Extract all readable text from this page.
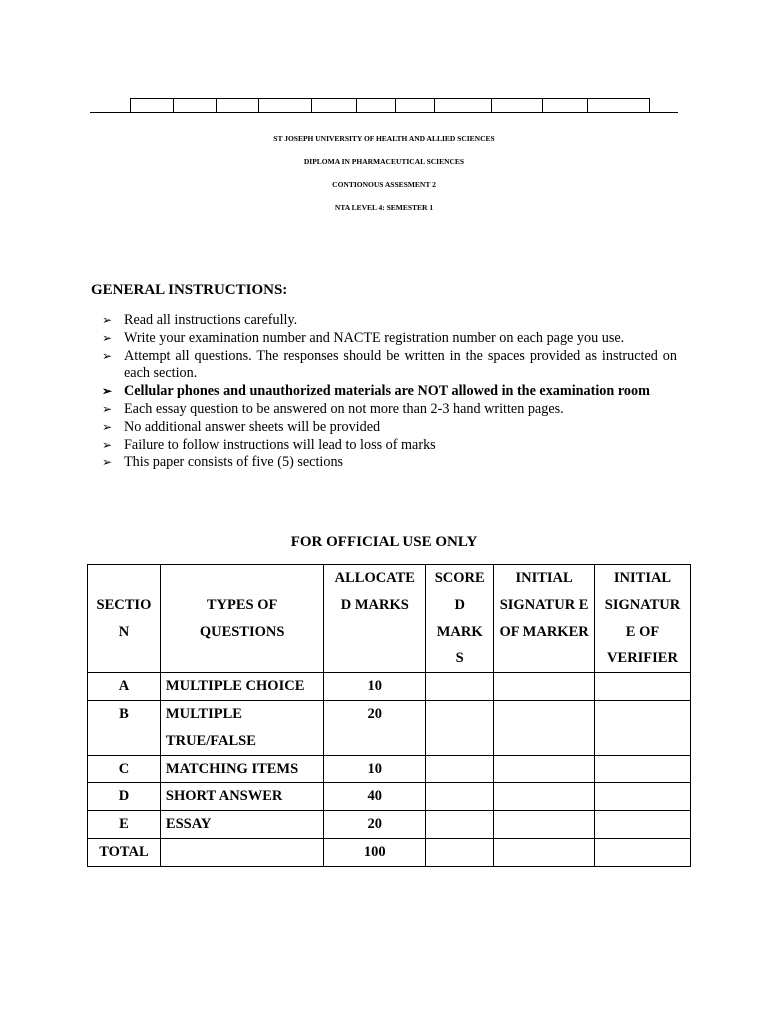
ST JOSEPH UNIVERSITY OF HEALTH AND ALLIED SCIENCES
DIPLOMA IN PHARMACEUTICAL SCIENCES
CONTIONOUS ASSESMENT 2
NTA LEVEL 4: SEMESTER 1
GENERAL INSTRUCTIONS:
➢ Read all instructions carefully.
➢ Write your examination number and NACTE registration number on each page you use.
➢ Attempt all questions. The responses should be written in the spaces provided as instructed on each section.
➢ Cellular phones and unauthorized materials are NOT allowed in the examination room
➢ Each essay question to be answered on not more than 2-3 hand written pages.
➢ No additional answer sheets will be provided
➢ Failure to follow instructions will lead to loss of marks
➢ This paper consists of five (5) sections
FOR OFFICIAL USE ONLY
SECTIO N	TYPES OF QUESTIONS	ALLOCATE D MARKS	SCORE D MARK S	INITIAL SIGNATUR E OF MARKER	INITIAL SIGNATUR E OF VERIFIER
A	MULTIPLE CHOICE	10			
B	MULTIPLE TRUE/FALSE	20			
C	MATCHING ITEMS	10			
D	SHORT ANSWER	40			
E	ESSAY	20			
TOTAL		100			
